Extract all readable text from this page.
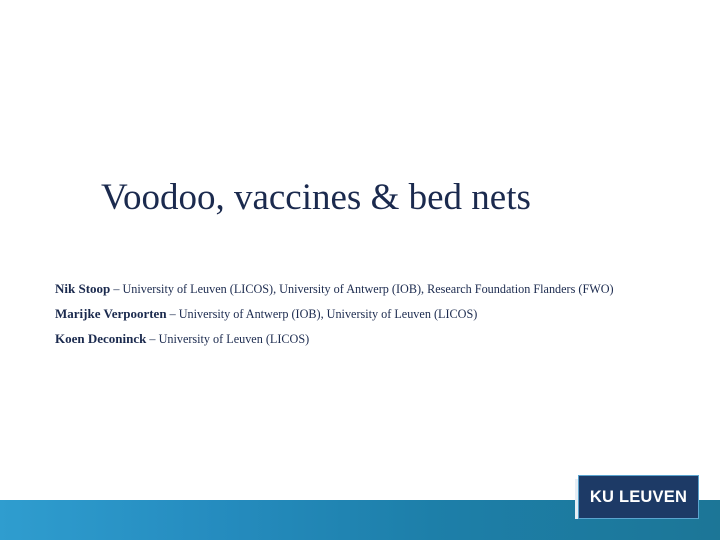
Voodoo, vaccines & bed nets
Nik Stoop – University of Leuven (LICOS), University of Antwerp (IOB), Research Foundation Flanders (FWO)
Marijke Verpoorten – University of Antwerp (IOB), University of Leuven (LICOS)
Koen Deconinck – University of Leuven (LICOS)
KU LEUVEN
